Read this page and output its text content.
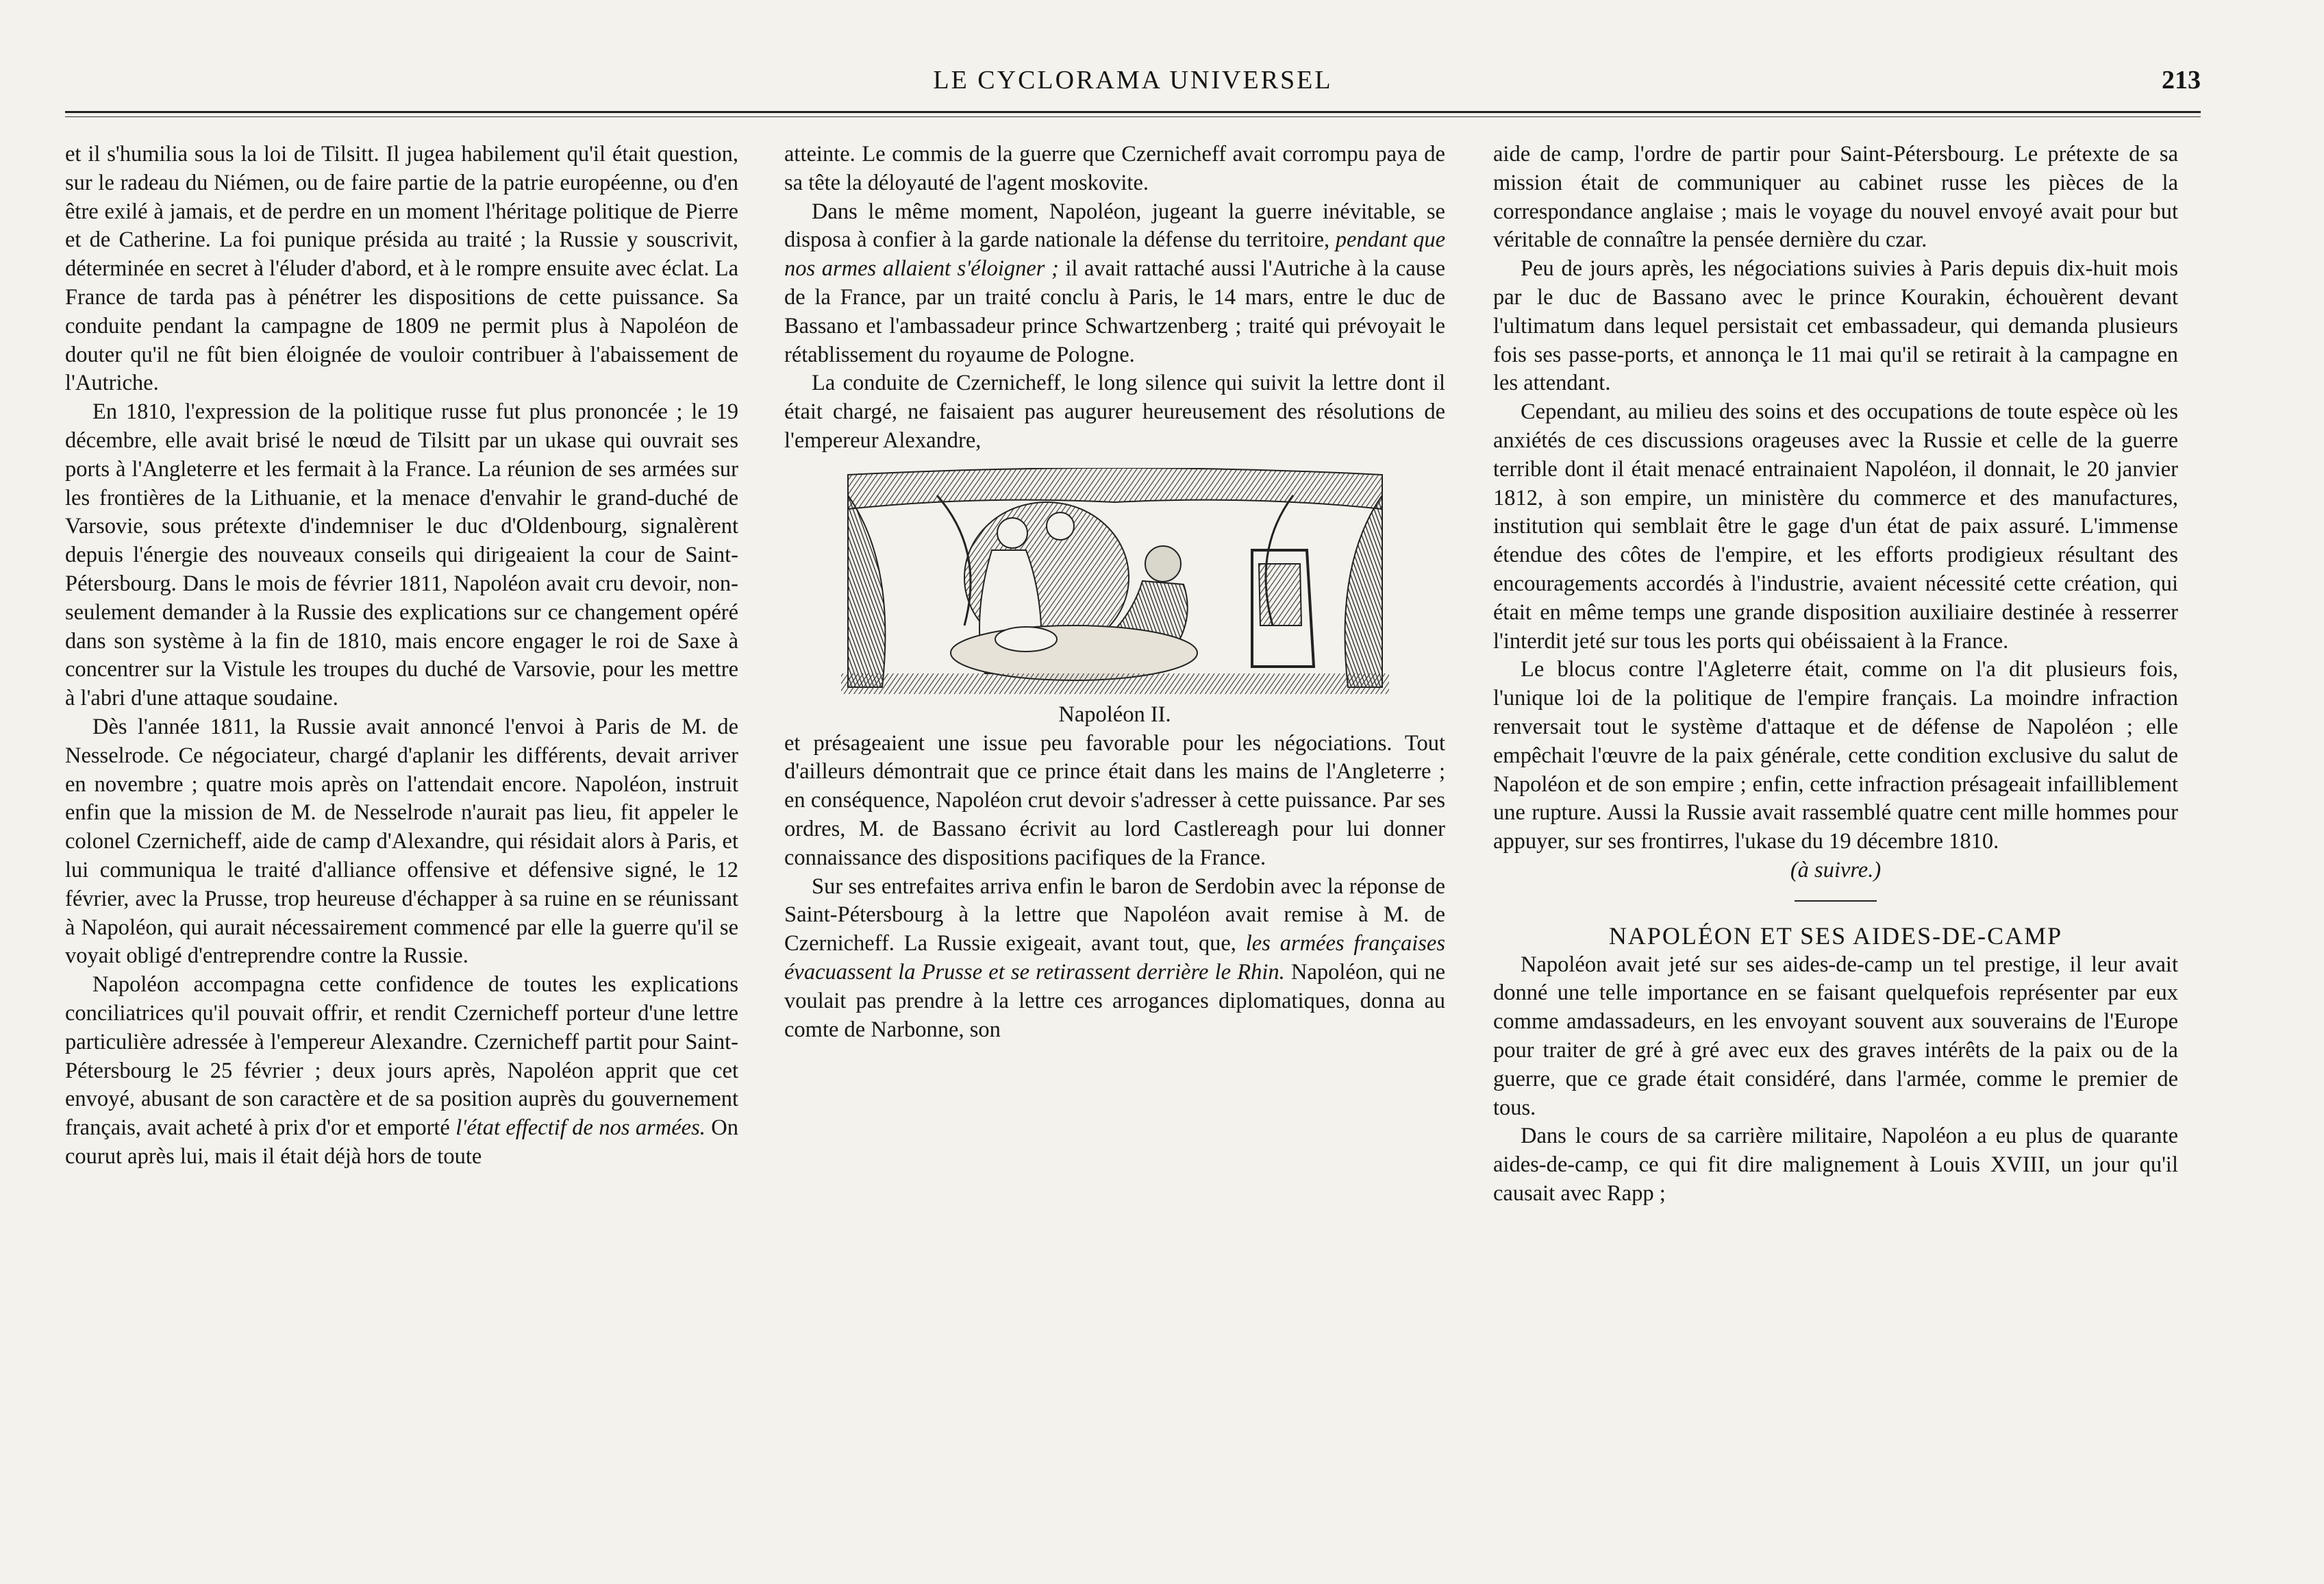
LE CYCLORAMA UNIVERSEL	213

et il s'humilia sous la loi de Tilsitt. Il jugea habilement qu'il était question, sur le radeau du Niémen, ou de faire partie de la patrie européenne, ou d'en être exilé à jamais, et de perdre en un moment l'héritage politique de Pierre et de Catherine. La foi punique présida au traité ; la Russie y souscrivit, déterminée en secret à l'éluder d'abord, et à le rompre ensuite avec éclat. La France de tarda pas à pénétrer les dispositions de cette puissance. Sa conduite pendant la campagne de 1809 ne permit plus à Napoléon de douter qu'il ne fût bien éloignée de vouloir contribuer à l'abaissement de l'Autriche.

En 1810, l'expression de la politique russe fut plus prononcée ; le 19 décembre, elle avait brisé le nœud de Tilsitt par un ukase qui ouvrait ses ports à l'Angleterre et les fermait à la France. La réunion de ses armées sur les frontières de la Lithuanie, et la menace d'envahir le grand-duché de Varsovie, sous prétexte d'indemniser le duc d'Oldenbourg, signalèrent depuis l'énergie des nouveaux conseils qui dirigeaient la cour de Saint-Pétersbourg. Dans le mois de février 1811, Napoléon avait cru devoir, non-seulement demander à la Russie des explications sur ce changement opéré dans son système à la fin de 1810, mais encore engager le roi de Saxe à concentrer sur la Vistule les troupes du duché de Varsovie, pour les mettre à l'abri d'une attaque soudaine.

Dès l'année 1811, la Russie avait annoncé l'envoi à Paris de M. de Nesselrode. Ce négociateur, chargé d'aplanir les différents, devait arriver en novembre ; quatre mois après on l'attendait encore. Napoléon, instruit enfin que la mission de M. de Nesselrode n'aurait pas lieu, fit appeler le colonel Czernicheff, aide de camp d'Alexandre, qui résidait alors à Paris, et lui communiqua le traité d'alliance offensive et défensive signé, le 12 février, avec la Prusse, trop heureuse d'échapper à sa ruine en se réunissant à Napoléon, qui aurait nécessairement commencé par elle la guerre qu'il se voyait obligé d'entreprendre contre la Russie.

Napoléon accompagna cette confidence de toutes les explications conciliatrices qu'il pouvait offrir, et rendit Czernicheff porteur d'une lettre particulière adressée à l'empereur Alexandre. Czernicheff partit pour Saint-Pétersbourg le 25 février ; deux jours après, Napoléon apprit que cet envoyé, abusant de son caractère et de sa position auprès du gouvernement français, avait acheté à prix d'or et emporté l'état effectif de nos armées. On courut après lui, mais il était déjà hors de toute

atteinte. Le commis de la guerre que Czernicheff avait corrompu paya de sa tête la déloyauté de l'agent moskovite.

Dans le même moment, Napoléon, jugeant la guerre inévitable, se disposa à confier à la garde nationale la défense du territoire, pendant que nos armes allaient s'éloigner ; il avait rattaché aussi l'Autriche à la cause de la France, par un traité conclu à Paris, le 14 mars, entre le duc de Bassano et l'ambassadeur prince Schwartzenberg ; traité qui prévoyait le rétablissement du royaume de Pologne.

La conduite de Czernicheff, le long silence qui suivit la lettre dont il était chargé, ne faisaient pas augurer heureusement des résolutions de l'empereur Alexandre,

Napoléon II.

et présageaient une issue peu favorable pour les négociations. Tout d'ailleurs démontrait que ce prince était dans les mains de l'Angleterre ; en conséquence, Napoléon crut devoir s'adresser à cette puissance. Par ses ordres, M. de Bassano écrivit au lord Castlereagh pour lui donner connaissance des dispositions pacifiques de la France.

Sur ses entrefaites arriva enfin le baron de Serdobin avec la réponse de Saint-Pétersbourg à la lettre que Napoléon avait remise à M. de Czernicheff. La Russie exigeait, avant tout, que, les armées françaises évacuassent la Prusse et se retirassent derrière le Rhin. Napoléon, qui ne voulait pas prendre à la lettre ces arrogances diplomatiques, donna au comte de Narbonne, son

aide de camp, l'ordre de partir pour Saint-Pétersbourg. Le prétexte de sa mission était de communiquer au cabinet russe les pièces de la correspondance anglaise ; mais le voyage du nouvel envoyé avait pour but véritable de connaître la pensée dernière du czar.

Peu de jours après, les négociations suivies à Paris depuis dix-huit mois par le duc de Bassano avec le prince Kourakin, échouèrent devant l'ultimatum dans lequel persistait cet embassadeur, qui demanda plusieurs fois ses passe-ports, et annonça le 11 mai qu'il se retirait à la campagne en les attendant.

Cependant, au milieu des soins et des occupations de toute espèce où les anxiétés de ces discussions orageuses avec la Russie et celle de la guerre terrible dont il était menacé entrainaient Napoléon, il donnait, le 20 janvier 1812, à son empire, un ministère du commerce et des manufactures, institution qui semblait être le gage d'un état de paix assuré. L'immense étendue des côtes de l'empire, et les efforts prodigieux résultant des encouragements accordés à l'industrie, avaient nécessité cette création, qui était en même temps une grande disposition auxiliaire destinée à resserrer l'interdit jeté sur tous les ports qui obéissaient à la France.

Le blocus contre l'Agleterre était, comme on l'a dit plusieurs fois, l'unique loi de la politique de l'empire français. La moindre infraction renversait tout le système d'attaque et de défense de Napoléon ; elle empêchait l'œuvre de la paix générale, cette condition exclusive du salut de Napoléon et de son empire ; enfin, cette infraction présageait infailliblement une rupture. Aussi la Russie avait rassemblé quatre cent mille hommes pour appuyer, sur ses frontirres, l'ukase du 19 décembre 1810.

(à suivre.)

NAPOLÉON ET SES AIDES-DE-CAMP

Napoléon avait jeté sur ses aides-de-camp un tel prestige, il leur avait donné une telle importance en se faisant quelquefois représenter par eux comme amdassadeurs, en les envoyant souvent aux souverains de l'Europe pour traiter de gré à gré avec eux des graves intérêts de la paix ou de la guerre, que ce grade était considéré, dans l'armée, comme le premier de tous.

Dans le cours de sa carrière militaire, Napoléon a eu plus de quarante aides-de-camp, ce qui fit dire malignement à Louis XVIII, un jour qu'il causait avec Rapp ;
